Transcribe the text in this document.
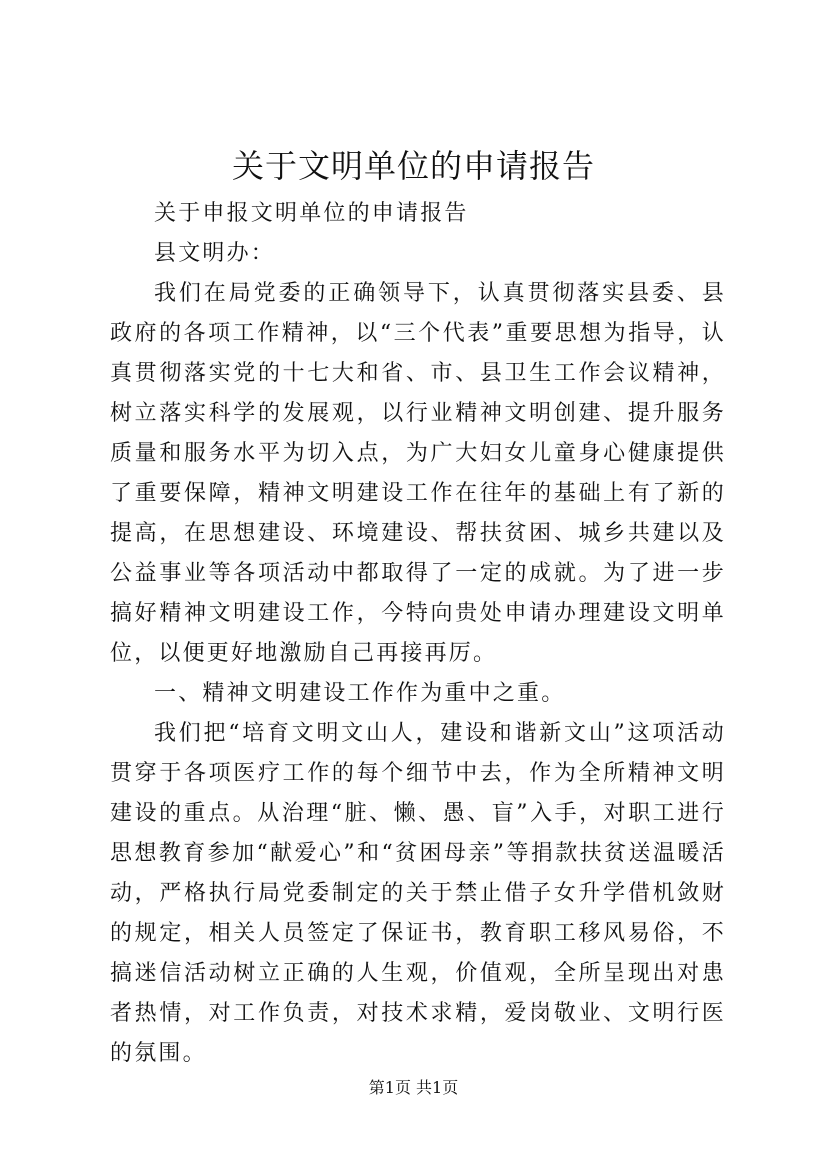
关于文明单位的申请报告

关于申报文明单位的申请报告

县文明办：

我们在局党委的正确领导下，认真贯彻落实县委、县政府的各项工作精神，以“三个代表”重要思想为指导，认真贯彻落实党的十七大和省、市、县卫生工作会议精神，树立落实科学的发展观，以行业精神文明创建、提升服务质量和服务水平为切入点，为广大妇女儿童身心健康提供了重要保障，精神文明建设工作在往年的基础上有了新的提高，在思想建设、环境建设、帮扶贫困、城乡共建以及公益事业等各项活动中都取得了一定的成就。为了进一步搞好精神文明建设工作，今特向贵处申请办理建设文明单位，以便更好地激励自己再接再厉。

一、精神文明建设工作作为重中之重。

我们把“培育文明文山人，建设和谐新文山”这项活动贯穿于各项医疗工作的每个细节中去，作为全所精神文明建设的重点。从治理“脏、懒、愚、盲”入手，对职工进行思想教育参加“献爱心”和“贫困母亲”等捐款扶贫送温暖活动，严格执行局党委制定的关于禁止借子女升学借机敛财的规定，相关人员签定了保证书，教育职工移风易俗，不搞迷信活动树立正确的人生观，价值观，全所呈现出对患者热情，对工作负责，对技术求精，爱岗敬业、文明行医的氛围。

第1页 共1页
